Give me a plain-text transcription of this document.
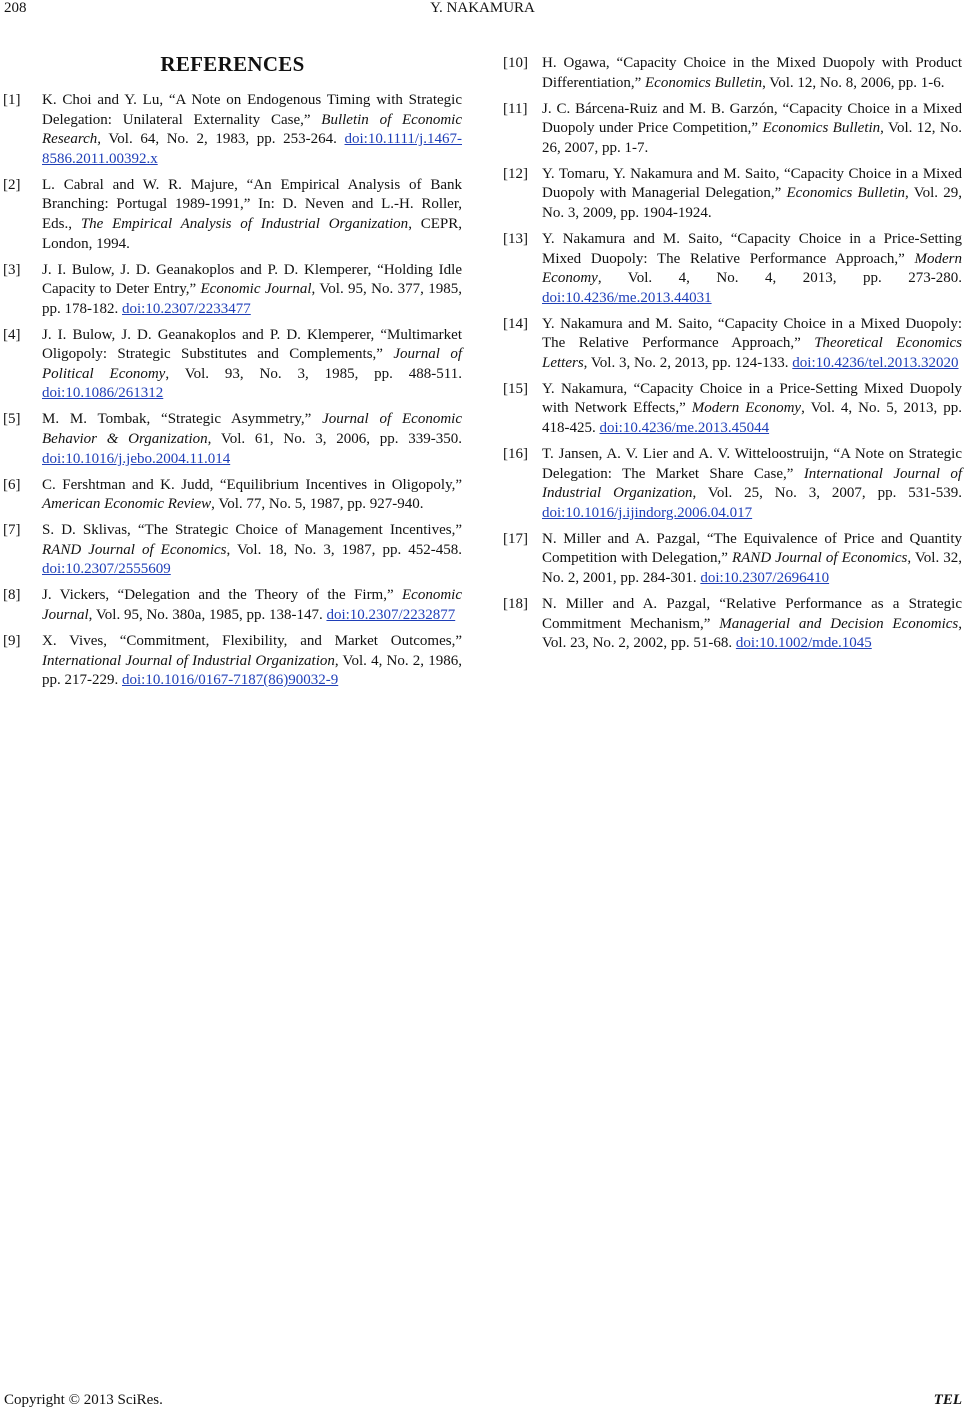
208	Y. NAKAMURA
REFERENCES
[1] K. Choi and Y. Lu, “A Note on Endogenous Timing with Strategic Delegation: Unilateral Externality Case,” Bulletin of Economic Research, Vol. 64, No. 2, 1983, pp. 253-264. doi:10.1111/j.1467-8586.2011.00392.x
[2] L. Cabral and W. R. Majure, “An Empirical Analysis of Bank Branching: Portugal 1989-1991,” In: D. Neven and L.-H. Roller, Eds., The Empirical Analysis of Industrial Organization, CEPR, London, 1994.
[3] J. I. Bulow, J. D. Geanakoplos and P. D. Klemperer, “Holding Idle Capacity to Deter Entry,” Economic Journal, Vol. 95, No. 377, 1985, pp. 178-182. doi:10.2307/2233477
[4] J. I. Bulow, J. D. Geanakoplos and P. D. Klemperer, “Multimarket Oligopoly: Strategic Substitutes and Complements,” Journal of Political Economy, Vol. 93, No. 3, 1985, pp. 488-511. doi:10.1086/261312
[5] M. M. Tombak, “Strategic Asymmetry,” Journal of Economic Behavior & Organization, Vol. 61, No. 3, 2006, pp. 339-350. doi:10.1016/j.jebo.2004.11.014
[6] C. Fershtman and K. Judd, “Equilibrium Incentives in Oligopoly,” American Economic Review, Vol. 77, No. 5, 1987, pp. 927-940.
[7] S. D. Sklivas, “The Strategic Choice of Management Incentives,” RAND Journal of Economics, Vol. 18, No. 3, 1987, pp. 452-458. doi:10.2307/2555609
[8] J. Vickers, “Delegation and the Theory of the Firm,” Economic Journal, Vol. 95, No. 380a, 1985, pp. 138-147. doi:10.2307/2232877
[9] X. Vives, “Commitment, Flexibility, and Market Outcomes,” International Journal of Industrial Organization, Vol. 4, No. 2, 1986, pp. 217-229. doi:10.1016/0167-7187(86)90032-9
[10] H. Ogawa, “Capacity Choice in the Mixed Duopoly with Product Differentiation,” Economics Bulletin, Vol. 12, No. 8, 2006, pp. 1-6.
[11] J. C. Bárcena-Ruiz and M. B. Garzón, “Capacity Choice in a Mixed Duopoly under Price Competition,” Economics Bulletin, Vol. 12, No. 26, 2007, pp. 1-7.
[12] Y. Tomaru, Y. Nakamura and M. Saito, “Capacity Choice in a Mixed Duopoly with Managerial Delegation,” Economics Bulletin, Vol. 29, No. 3, 2009, pp. 1904-1924.
[13] Y. Nakamura and M. Saito, “Capacity Choice in a Price-Setting Mixed Duopoly: The Relative Performance Approach,” Modern Economy, Vol. 4, No. 4, 2013, pp. 273-280. doi:10.4236/me.2013.44031
[14] Y. Nakamura and M. Saito, “Capacity Choice in a Mixed Duopoly: The Relative Performance Approach,” Theoretical Economics Letters, Vol. 3, No. 2, 2013, pp. 124-133. doi:10.4236/tel.2013.32020
[15] Y. Nakamura, “Capacity Choice in a Price-Setting Mixed Duopoly with Network Effects,” Modern Economy, Vol. 4, No. 5, 2013, pp. 418-425. doi:10.4236/me.2013.45044
[16] T. Jansen, A. V. Lier and A. V. Witteloostruijn, “A Note on Strategic Delegation: The Market Share Case,” International Journal of Industrial Organization, Vol. 25, No. 3, 2007, pp. 531-539. doi:10.1016/j.ijindorg.2006.04.017
[17] N. Miller and A. Pazgal, “The Equivalence of Price and Quantity Competition with Delegation,” RAND Journal of Economics, Vol. 32, No. 2, 2001, pp. 284-301. doi:10.2307/2696410
[18] N. Miller and A. Pazgal, “Relative Performance as a Strategic Commitment Mechanism,” Managerial and Decision Economics, Vol. 23, No. 2, 2002, pp. 51-68. doi:10.1002/mde.1045
Copyright © 2013 SciRes.	TEL
